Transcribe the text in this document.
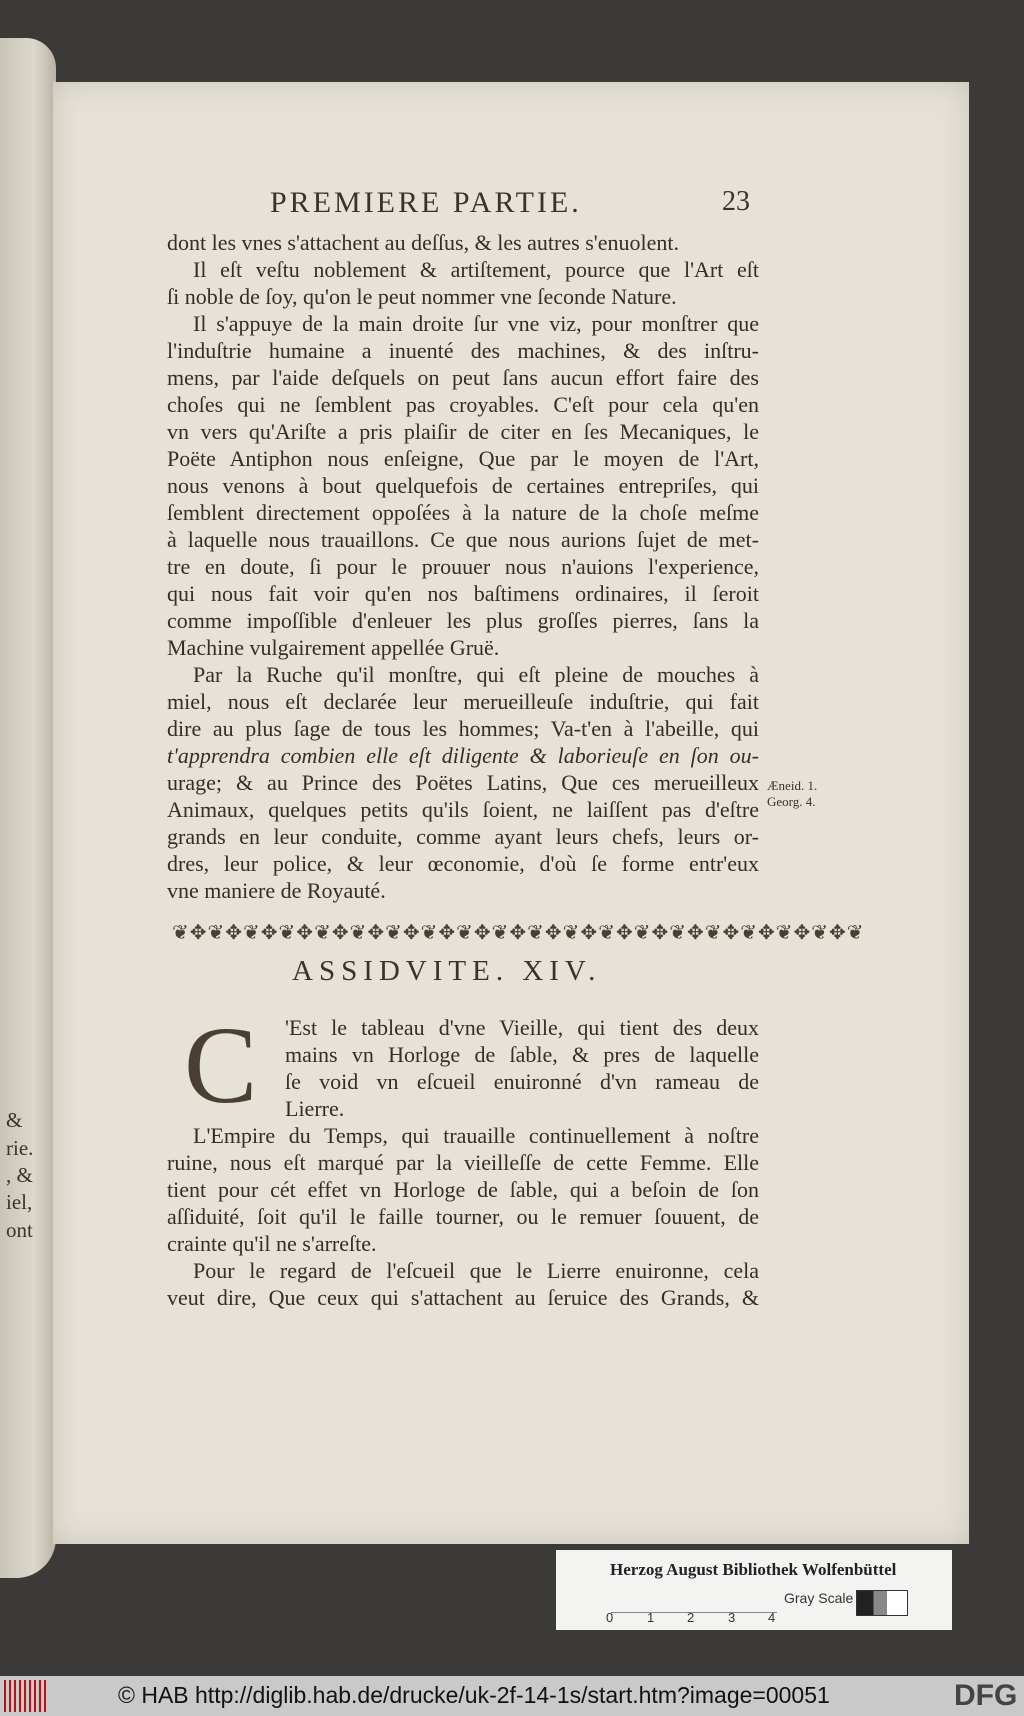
&
rie.
, &
iel,
ont
PREMIERE PARTIE.	23
dont les vnes s'attachent au deſſus, & les autres s'enuolent.
Il eſt veſtu noblement & artiſtement, pource que l'Art eſt
ſi noble de ſoy, qu'on le peut nommer vne ſeconde Nature.
Il s'appuye de la main droite ſur vne viz, pour monſtrer que
l'induſtrie humaine a inuenté des machines, & des inſtru-
mens, par l'aide deſquels on peut ſans aucun effort faire des
choſes qui ne ſemblent pas croyables. C'eſt pour cela qu'en
vn vers qu'Ariſte a pris plaiſir de citer en ſes Mecaniques, le
Poëte Antiphon nous enſeigne, Que par le moyen de l'Art,
nous venons à bout quelquefois de certaines entrepriſes, qui
ſemblent directement oppoſées à la nature de la choſe meſme
à laquelle nous trauaillons. Ce que nous aurions ſujet de met-
tre en doute, ſi pour le prouuer nous n'auions l'experience,
qui nous fait voir qu'en nos baſtimens ordinaires, il ſeroit
comme impoſſible d'enleuer les plus groſſes pierres, ſans la
Machine vulgairement appellée Gruë.
Par la Ruche qu'il monſtre, qui eſt pleine de mouches à
miel, nous eſt declarée leur merueilleuſe induſtrie, qui fait
dire au plus ſage de tous les hommes; Va-t'en à l'abeille, qui
t'apprendra combien elle eſt diligente & laborieuſe en ſon ou-
urage; & au Prince des Poëtes Latins, Que ces merueilleux
Animaux, quelques petits qu'ils ſoient, ne laiſſent pas d'eſtre
grands en leur conduite, comme ayant leurs chefs, leurs or-
dres, leur police, & leur œconomie, d'où ſe forme entr'eux
vne maniere de Royauté.
Æneid. 1.
Georg. 4.
❦✥❦✥❦✥❦✥❦✥❦✥❦✥❦✥❦✥❦✥❦✥❦✥❦✥❦✥❦✥❦✥❦✥❦✥❦✥❦
ASSIDVITE. XIV.
C	'Est le tableau d'vne Vieille, qui tient des deux
mains vn Horloge de ſable, & pres de laquelle
ſe void vn eſcueil enuironné d'vn rameau de
Lierre.
L'Empire du Temps, qui trauaille continuellement à noſtre
ruine, nous eſt marqué par la vieilleſſe de cette Femme. Elle
tient pour cét effet vn Horloge de ſable, qui a beſoin de ſon
aſſiduité, ſoit qu'il le faille tourner, ou le remuer ſouuent, de
crainte qu'il ne s'arreſte.
Pour le regard de l'eſcueil que le Lierre enuironne, cela
veut dire, Que ceux qui s'attachent au ſeruice des Grands, &
Herzog August Bibliothek Wolfenbüttel
0	1	2	3	4
Gray Scale
© HAB http://diglib.hab.de/drucke/uk-2f-14-1s/start.htm?image=00051	DFG
